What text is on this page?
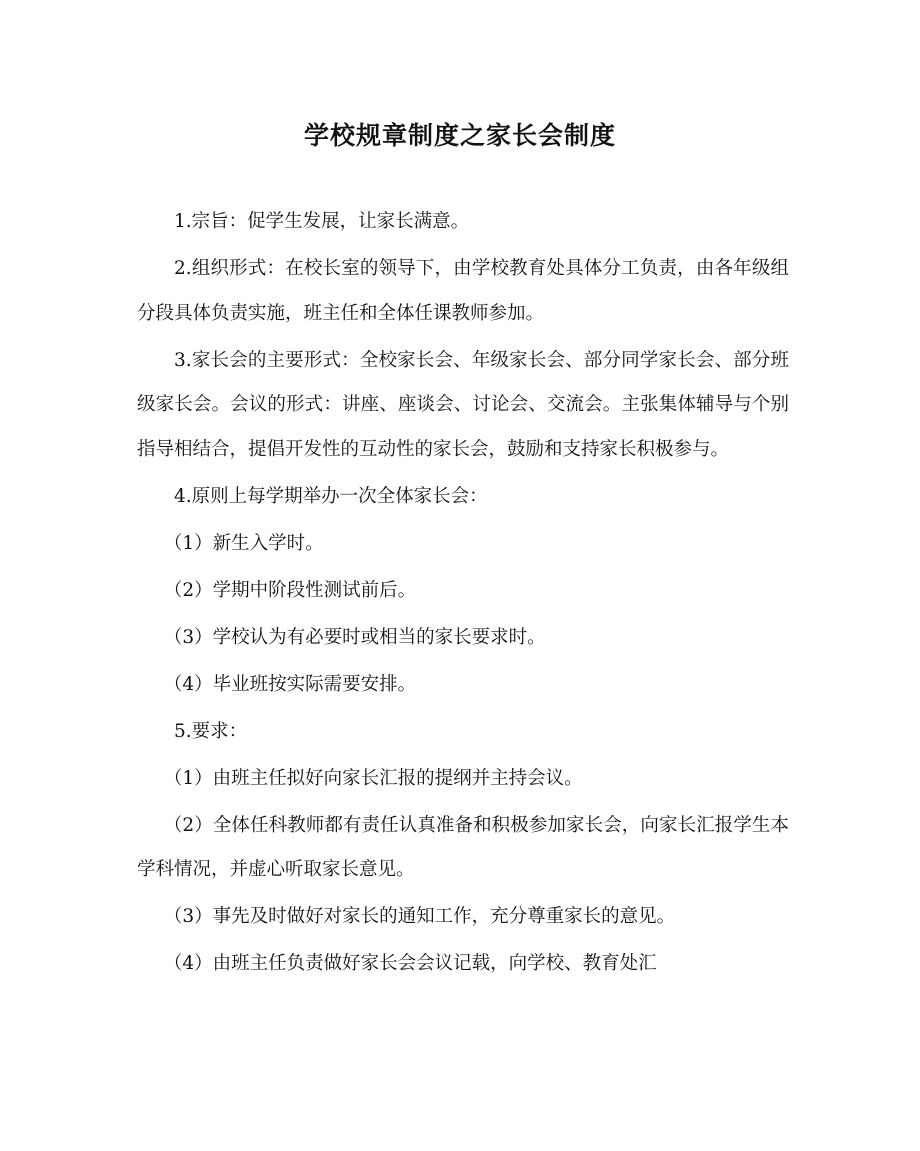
学校规章制度之家长会制度

1.宗旨：促学生发展，让家长满意。

2.组织形式：在校长室的领导下，由学校教育处具体分工负责，由各年级组分段具体负责实施，班主任和全体任课教师参加。

3.家长会的主要形式：全校家长会、年级家长会、部分同学家长会、部分班级家长会。会议的形式：讲座、座谈会、讨论会、交流会。主张集体辅导与个别指导相结合，提倡开发性的互动性的家长会，鼓励和支持家长积极参与。

4.原则上每学期举办一次全体家长会：

（1）新生入学时。

（2）学期中阶段性测试前后。

（3）学校认为有必要时或相当的家长要求时。

（4）毕业班按实际需要安排。

5.要求：

（1）由班主任拟好向家长汇报的提纲并主持会议。

（2）全体任科教师都有责任认真准备和积极参加家长会，向家长汇报学生本学科情况，并虚心听取家长意见。

（3）事先及时做好对家长的通知工作，充分尊重家长的意见。

（4）由班主任负责做好家长会会议记载，向学校、教育处汇
